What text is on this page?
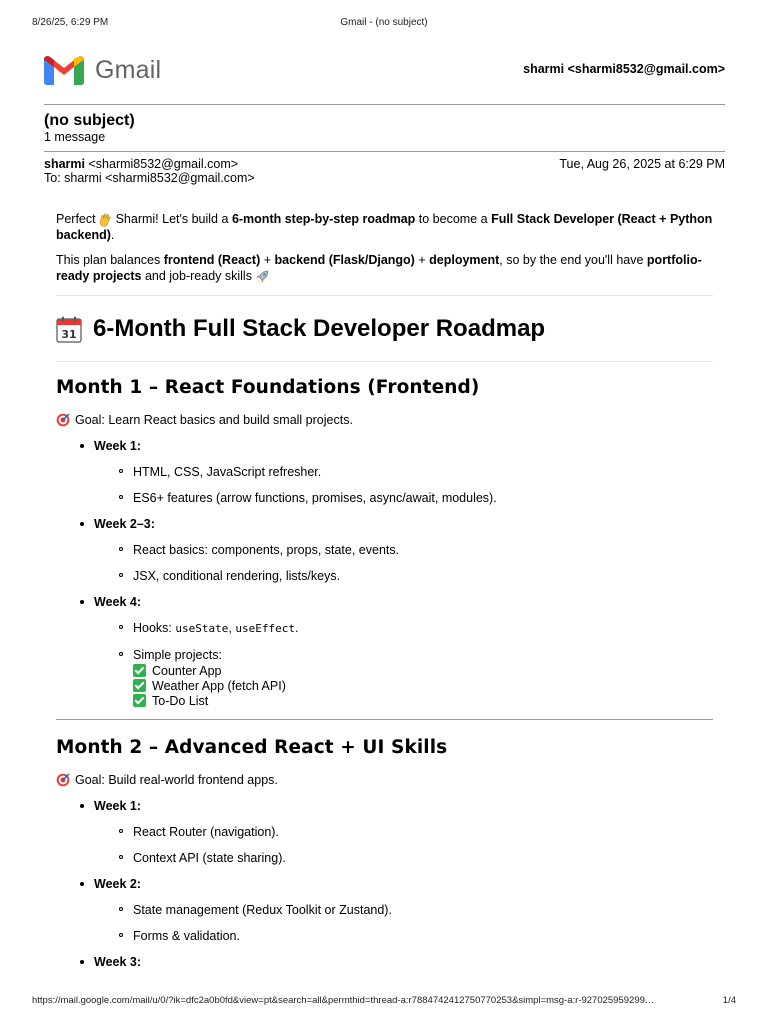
8/26/25, 6:29 PM	Gmail - (no subject)
Gmail	sharmi <sharmi8532@gmail.com>
(no subject)
1 message
sharmi <sharmi8532@gmail.com>
To: sharmi <sharmi8532@gmail.com>
Tue, Aug 26, 2025 at 6:29 PM

Perfect Sharmi! Let's build a 6-month step-by-step roadmap to become a Full Stack Developer (React + Python backend).

This plan balances frontend (React) + backend (Flask/Django) + deployment, so by the end you'll have portfolio-ready projects and job-ready skills

31 6-Month Full Stack Developer Roadmap
Month 1 – React Foundations (Frontend)
Goal: Learn React basics and build small projects.
Week 1:
HTML, CSS, JavaScript refresher.
ES6+ features (arrow functions, promises, async/await, modules).
Week 2–3:
React basics: components, props, state, events.
JSX, conditional rendering, lists/keys.
Week 4:
Hooks: useState, useEffect.
Simple projects:
Counter App
Weather App (fetch API)
To-Do List
Month 2 – Advanced React + UI Skills
Goal: Build real-world frontend apps.
Week 1:
React Router (navigation).
Context API (state sharing).
Week 2:
State management (Redux Toolkit or Zustand).
Forms & validation.
Week 3:
https://mail.google.com/mail/u/0/?ik=dfc2a0b0fd&view=pt&search=all&permthid=thread-a:r7884742412750770253&simpl=msg-a:r-927025959299…	1/4
